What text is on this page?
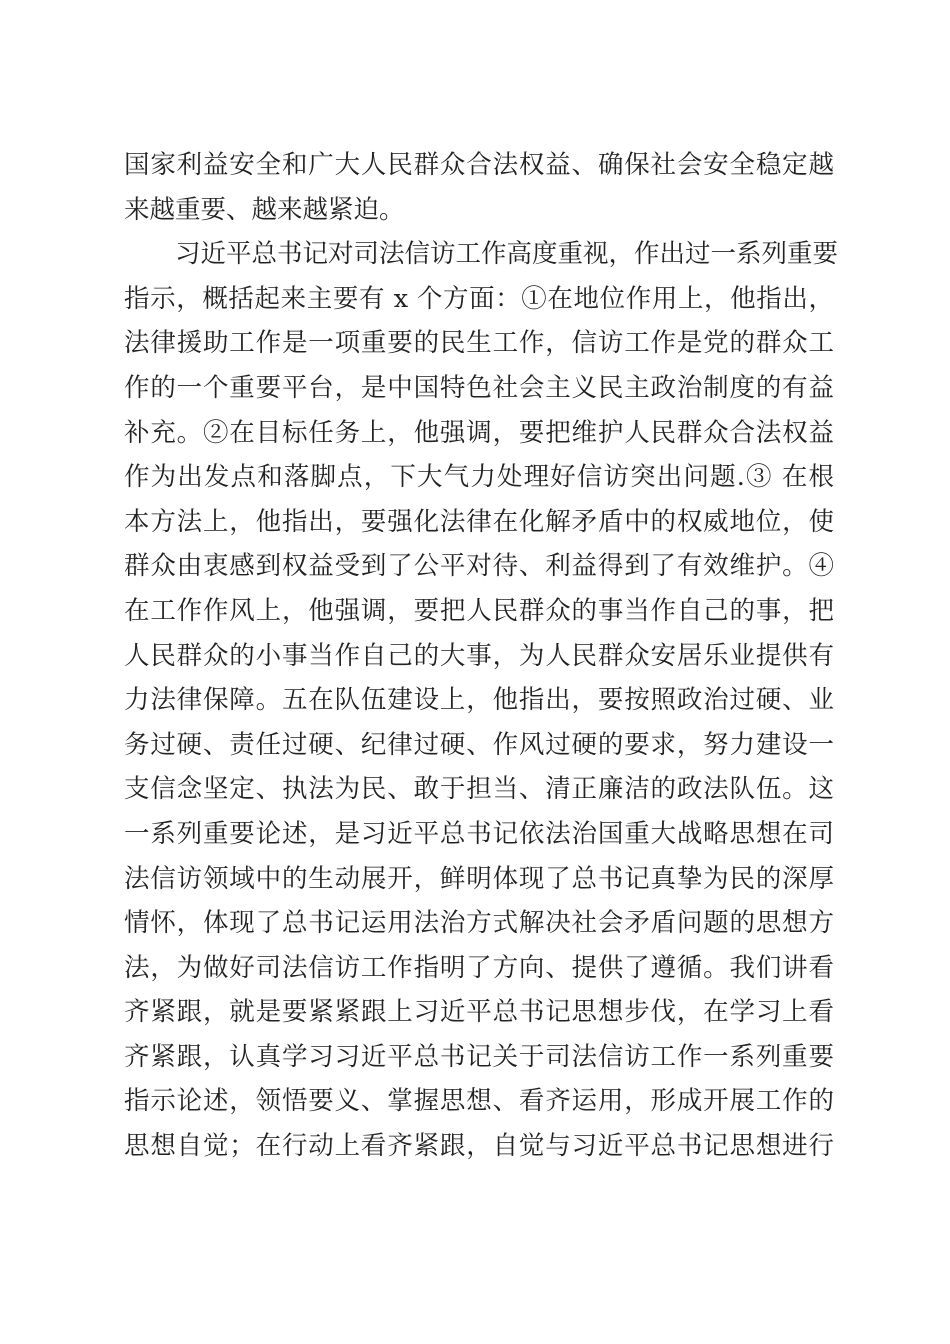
国家利益安全和广大人民群众合法权益、确保社会安全稳定越
来越重要、越来越紧迫。
习近平总书记对司法信访工作高度重视，作出过一系列重要
指示，概括起来主要有 x 个方面：①在地位作用上，他指出，
法律援助工作是一项重要的民生工作，信访工作是党的群众工
作的一个重要平台，是中国特色社会主义民主政治制度的有益
补充。②在目标任务上，他强调，要把维护人民群众合法权益
作为出发点和落脚点，下大气力处理好信访突出问题.③ 在根
本方法上，他指出，要强化法律在化解矛盾中的权威地位，使
群众由衷感到权益受到了公平对待、利益得到了有效维护。④
在工作作风上，他强调，要把人民群众的事当作自己的事，把
人民群众的小事当作自己的大事，为人民群众安居乐业提供有
力法律保障。五在队伍建设上，他指出，要按照政治过硬、业
务过硬、责任过硬、纪律过硬、作风过硬的要求，努力建设一
支信念坚定、执法为民、敢于担当、清正廉洁的政法队伍。这
一系列重要论述，是习近平总书记依法治国重大战略思想在司
法信访领域中的生动展开，鲜明体现了总书记真挚为民的深厚
情怀，体现了总书记运用法治方式解决社会矛盾问题的思想方
法，为做好司法信访工作指明了方向、提供了遵循。我们讲看
齐紧跟，就是要紧紧跟上习近平总书记思想步伐，在学习上看
齐紧跟，认真学习习近平总书记关于司法信访工作一系列重要
指示论述，领悟要义、掌握思想、看齐运用，形成开展工作的
思想自觉；在行动上看齐紧跟，自觉与习近平总书记思想进行
